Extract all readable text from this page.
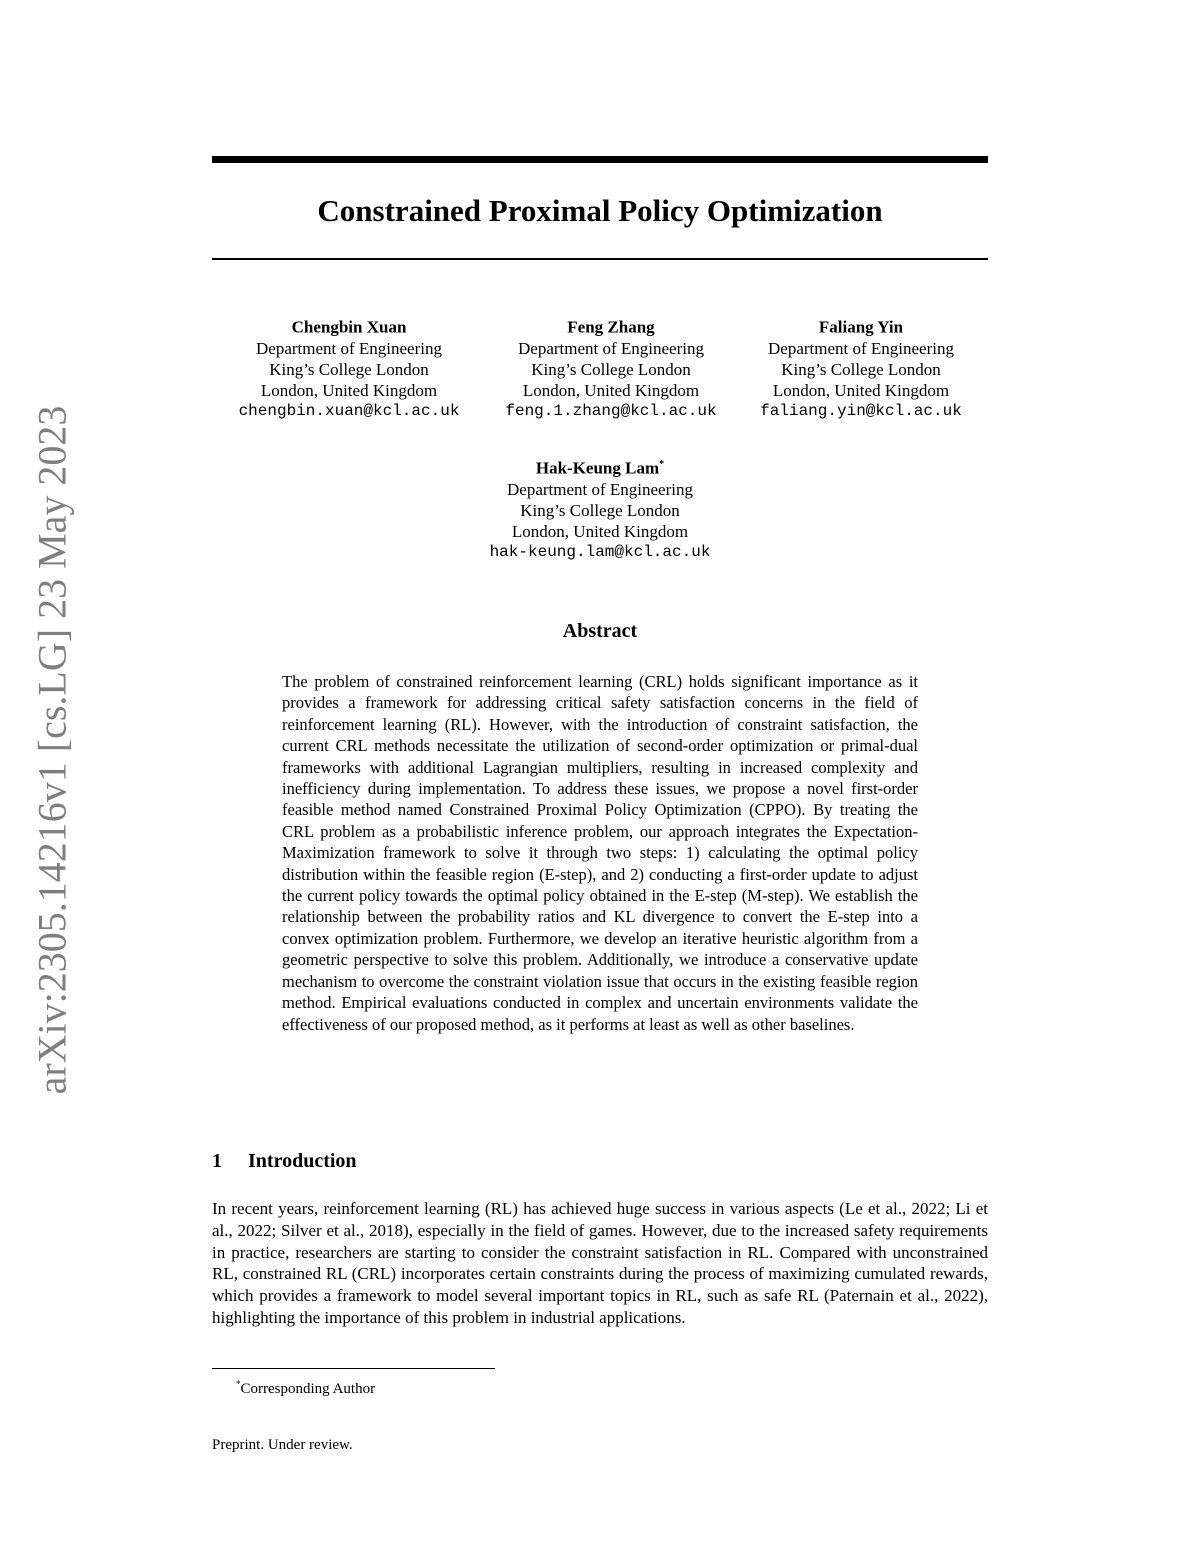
arXiv:2305.14216v1 [cs.LG] 23 May 2023
Constrained Proximal Policy Optimization
Chengbin Xuan
Department of Engineering
King’s College London
London, United Kingdom
chengbin.xuan@kcl.ac.uk
Feng Zhang
Department of Engineering
King’s College London
London, United Kingdom
feng.1.zhang@kcl.ac.uk
Faliang Yin
Department of Engineering
King’s College London
London, United Kingdom
faliang.yin@kcl.ac.uk
Hak-Keung Lam*
Department of Engineering
King’s College London
London, United Kingdom
hak-keung.lam@kcl.ac.uk
Abstract
The problem of constrained reinforcement learning (CRL) holds significant importance as it provides a framework for addressing critical safety satisfaction concerns in the field of reinforcement learning (RL). However, with the introduction of constraint satisfaction, the current CRL methods necessitate the utilization of second-order optimization or primal-dual frameworks with additional Lagrangian multipliers, resulting in increased complexity and inefficiency during implementation. To address these issues, we propose a novel first-order feasible method named Constrained Proximal Policy Optimization (CPPO). By treating the CRL problem as a probabilistic inference problem, our approach integrates the Expectation-Maximization framework to solve it through two steps: 1) calculating the optimal policy distribution within the feasible region (E-step), and 2) conducting a first-order update to adjust the current policy towards the optimal policy obtained in the E-step (M-step). We establish the relationship between the probability ratios and KL divergence to convert the E-step into a convex optimization problem. Furthermore, we develop an iterative heuristic algorithm from a geometric perspective to solve this problem. Additionally, we introduce a conservative update mechanism to overcome the constraint violation issue that occurs in the existing feasible region method. Empirical evaluations conducted in complex and uncertain environments validate the effectiveness of our proposed method, as it performs at least as well as other baselines.
1 Introduction
In recent years, reinforcement learning (RL) has achieved huge success in various aspects (Le et al., 2022; Li et al., 2022; Silver et al., 2018), especially in the field of games. However, due to the increased safety requirements in practice, researchers are starting to consider the constraint satisfaction in RL. Compared with unconstrained RL, constrained RL (CRL) incorporates certain constraints during the process of maximizing cumulated rewards, which provides a framework to model several important topics in RL, such as safe RL (Paternain et al., 2022), highlighting the importance of this problem in industrial applications.
*Corresponding Author
Preprint. Under review.
